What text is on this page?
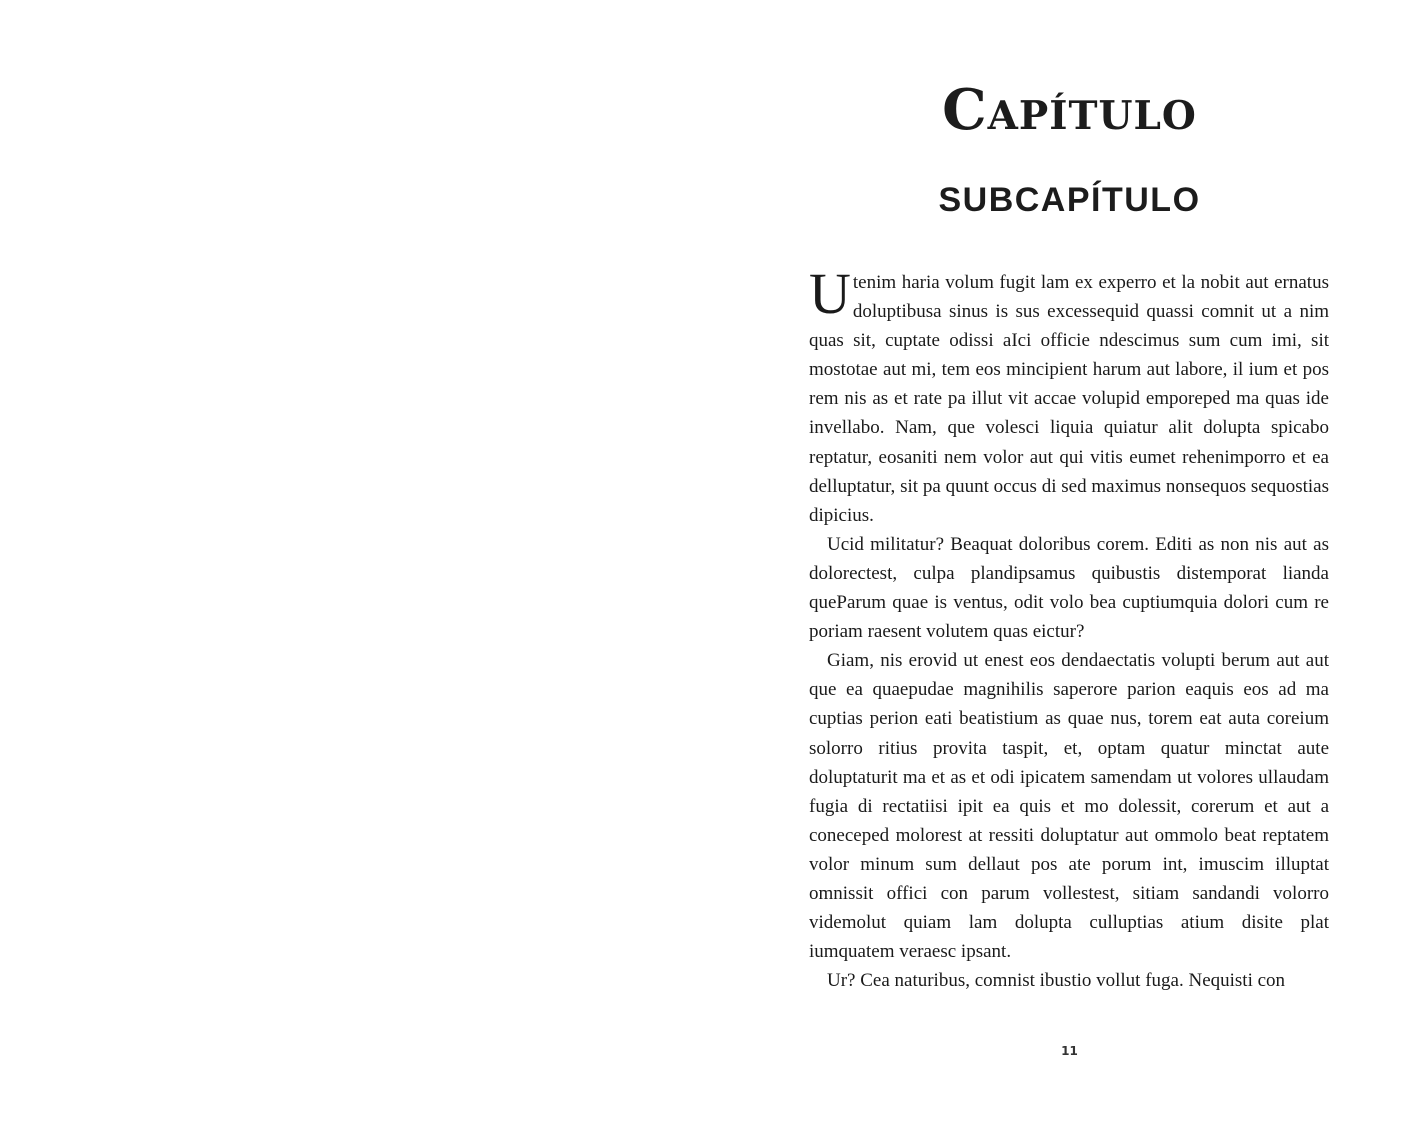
Capítulo
SUBCAPÍTULO

Utenim haria volum fugit lam ex experro et la nobit aut ernatus doluptibusa sinus is sus excessequid quassi comnit ut a nim quas sit, cuptate odissi aIci officie ndescimus sum cum imi, sit mostotae aut mi, tem eos mincipient harum aut labore, il ium et pos rem nis as et rate pa illut vit accae volupid emporeped ma quas ide invellabo. Nam, que volesci liquia quiatur alit dolupta spicabo reptatur, eosaniti nem volor aut qui vitis eumet rehenimporro et ea delluptatur, sit pa quunt occus di sed maximus nonsequos sequostias dipicius.

Ucid militatur? Beaquat doloribus corem. Editi as non nis aut as dolorectest, culpa plandipsamus quibustis distemporat lianda queParum quae is ventus, odit volo bea cuptiumquia dolori cum re poriam raesent volutem quas eictur?

Giam, nis erovid ut enest eos dendaectatis volupti berum aut aut que ea quaepudae magnihilis saperore parion eaquis eos ad ma cuptias perion eati beatistium as quae nus, torem eat auta coreium solorro ritius provita taspit, et, optam quatur minctat aute doluptaturit ma et as et odi ipicatem samendam ut volores ullaudam fugia di rectatiisi ipit ea quis et mo dolessit, corerum et aut a coneceped molorest at ressiti doluptatur aut ommolo beat reptatem volor minum sum dellaut pos ate porum int, imuscim illuptat omnissit offici con parum vollestest, sitiam sandandi volorro videmolut quiam lam dolupta culluptias atium disite plat iumquatem veraesc ipsant.

Ur? Cea naturibus, comnist ibustio vollut fuga. Nequisti con

11
